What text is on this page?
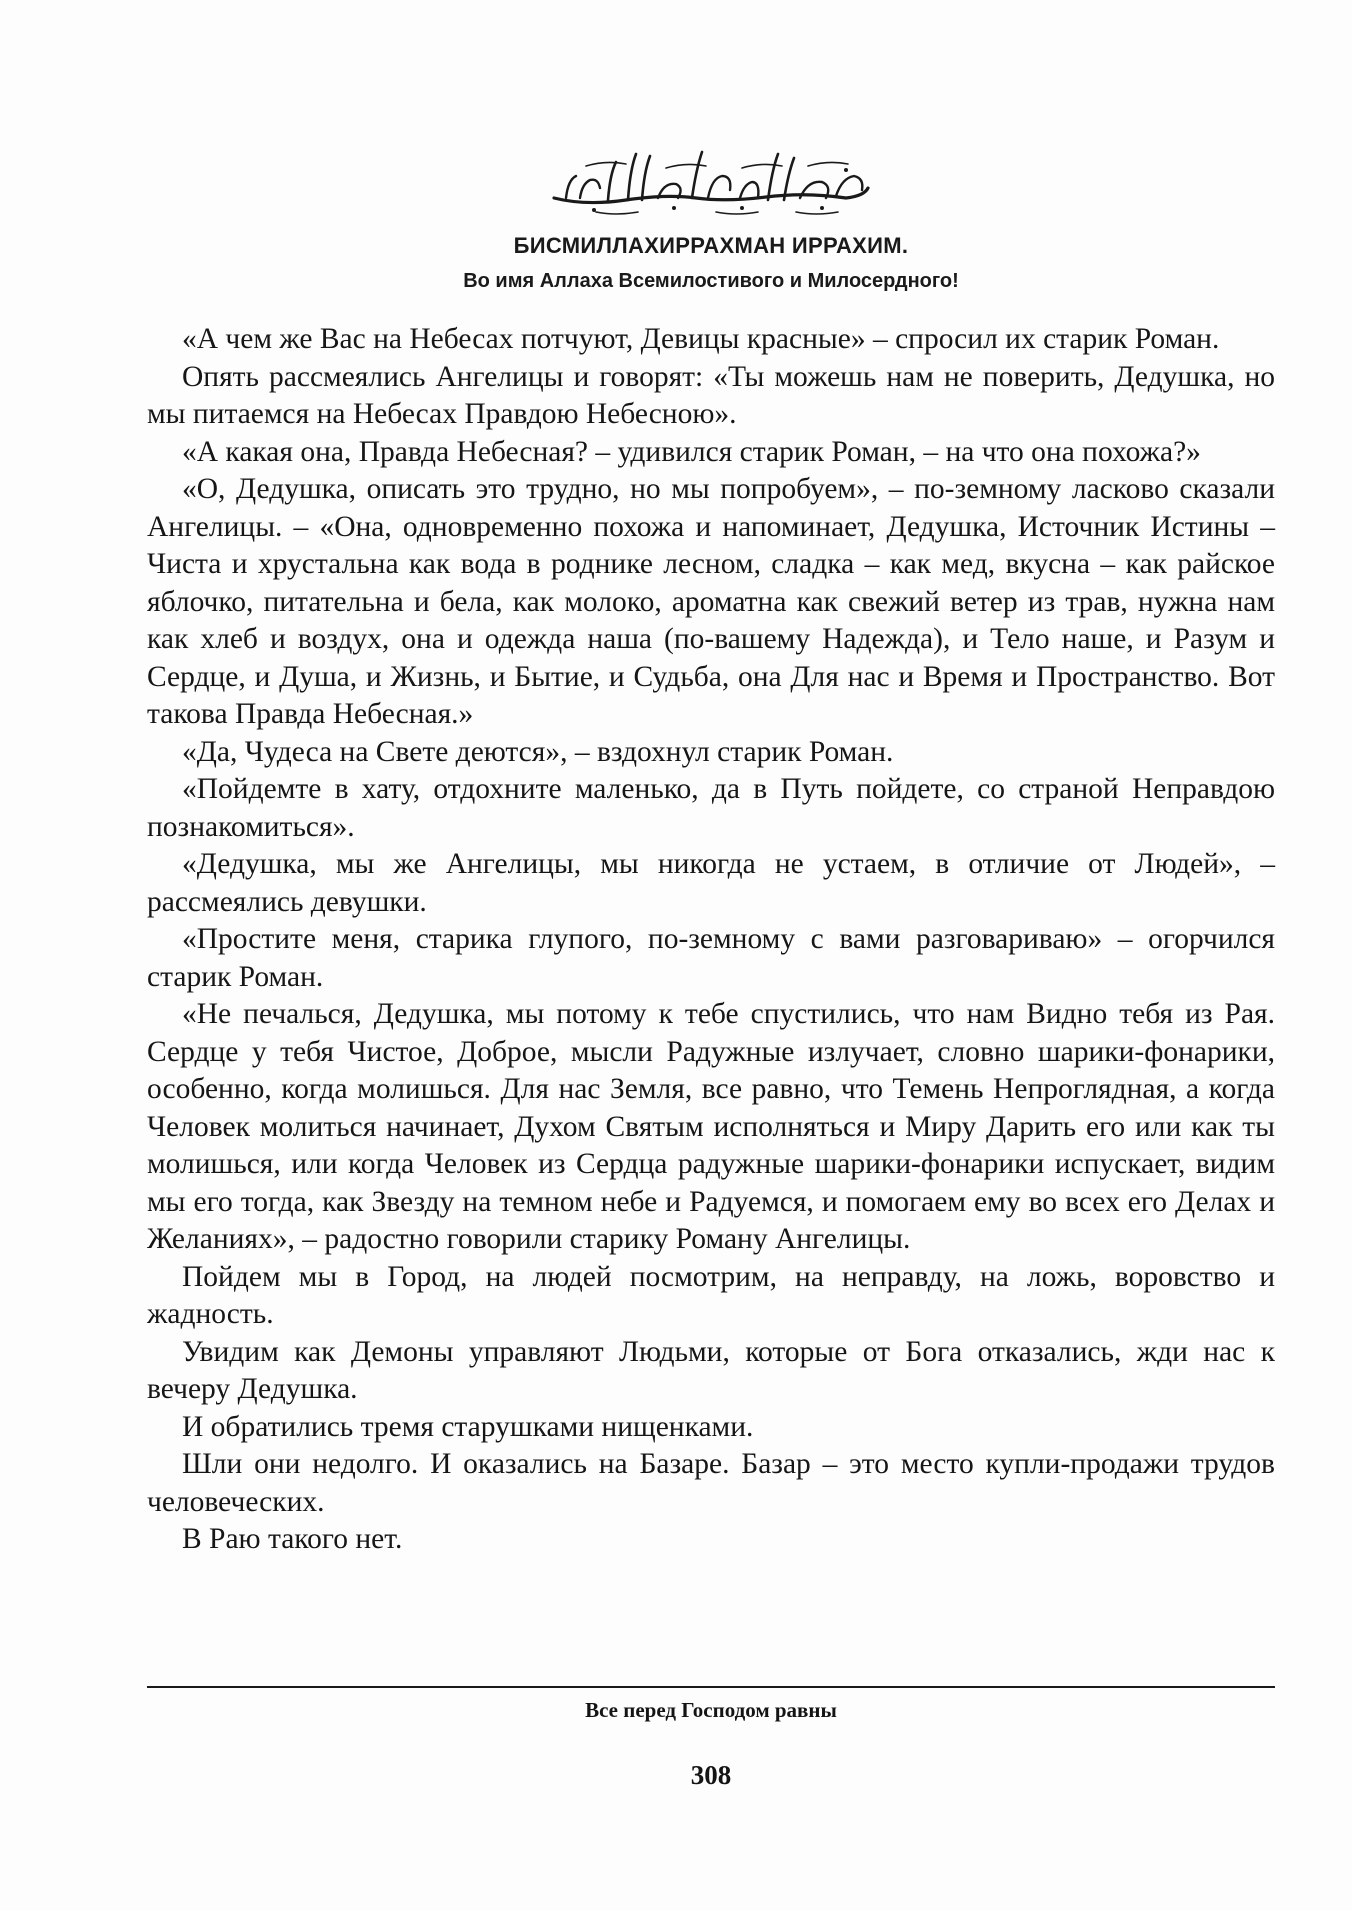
БИСМИЛЛАХИРРАХМАН ИРРАХИМ.
Во имя Аллаха Всемилостивого и Милосердного!

«А чем же Вас на Небесах потчуют, Девицы красные» – спросил их старик Роман.

Опять рассмеялись Ангелицы и говорят: «Ты можешь нам не поверить, Дедушка, но мы питаемся на Небесах Правдою Небесною».

«А какая она, Правда Небесная? – удивился старик Роман, – на что она похожа?»

«О, Дедушка, описать это трудно, но мы попробуем», – по-земному ласково сказали Ангелицы. – «Она, одновременно похожа и напоминает, Дедушка, Источник Истины – Чиста и хрустальна как вода в роднике лесном, сладка – как мед, вкусна – как райское яблочко, питательна и бела, как молоко, ароматна как свежий ветер из трав, нужна нам как хлеб и воздух, она и одежда наша (по-вашему Надежда), и Тело наше, и Разум и Сердце, и Душа, и Жизнь, и Бытие, и Судьба, она Для нас и Время и Пространство. Вот такова Правда Небесная.»

«Да, Чудеса на Свете деются», – вздохнул старик Роман.

«Пойдемте в хату, отдохните маленько, да в Путь пойдете, со страной Неправдою познакомиться».

«Дедушка, мы же Ангелицы, мы никогда не устаем, в отличие от Людей», – рассмеялись девушки.

«Простите меня, старика глупого, по-земному с вами разговариваю» – огорчился старик Роман.

«Не печалься, Дедушка, мы потому к тебе спустились, что нам Видно тебя из Рая. Сердце у тебя Чистое, Доброе, мысли Радужные излучает, словно шарики-фонарики, особенно, когда молишься. Для нас Земля, все равно, что Темень Непроглядная, а когда Человек молиться начинает, Духом Святым исполняться и Миру Дарить его или как ты молишься, или когда Человек из Сердца радужные шарики-фонарики испускает, видим мы его тогда, как Звезду на темном небе и Радуемся, и помогаем ему во всех его Делах и Желаниях», – радостно говорили старику Роману Ангелицы.

Пойдем мы в Город, на людей посмотрим, на неправду, на ложь, воровство и жадность.

Увидим как Демоны управляют Людьми, которые от Бога отказались, жди нас к вечеру Дедушка.

И обратились тремя старушками нищенками.

Шли они недолго. И оказались на Базаре. Базар – это место купли-продажи трудов человеческих.

В Раю такого нет.

Все перед Господом равны
308
